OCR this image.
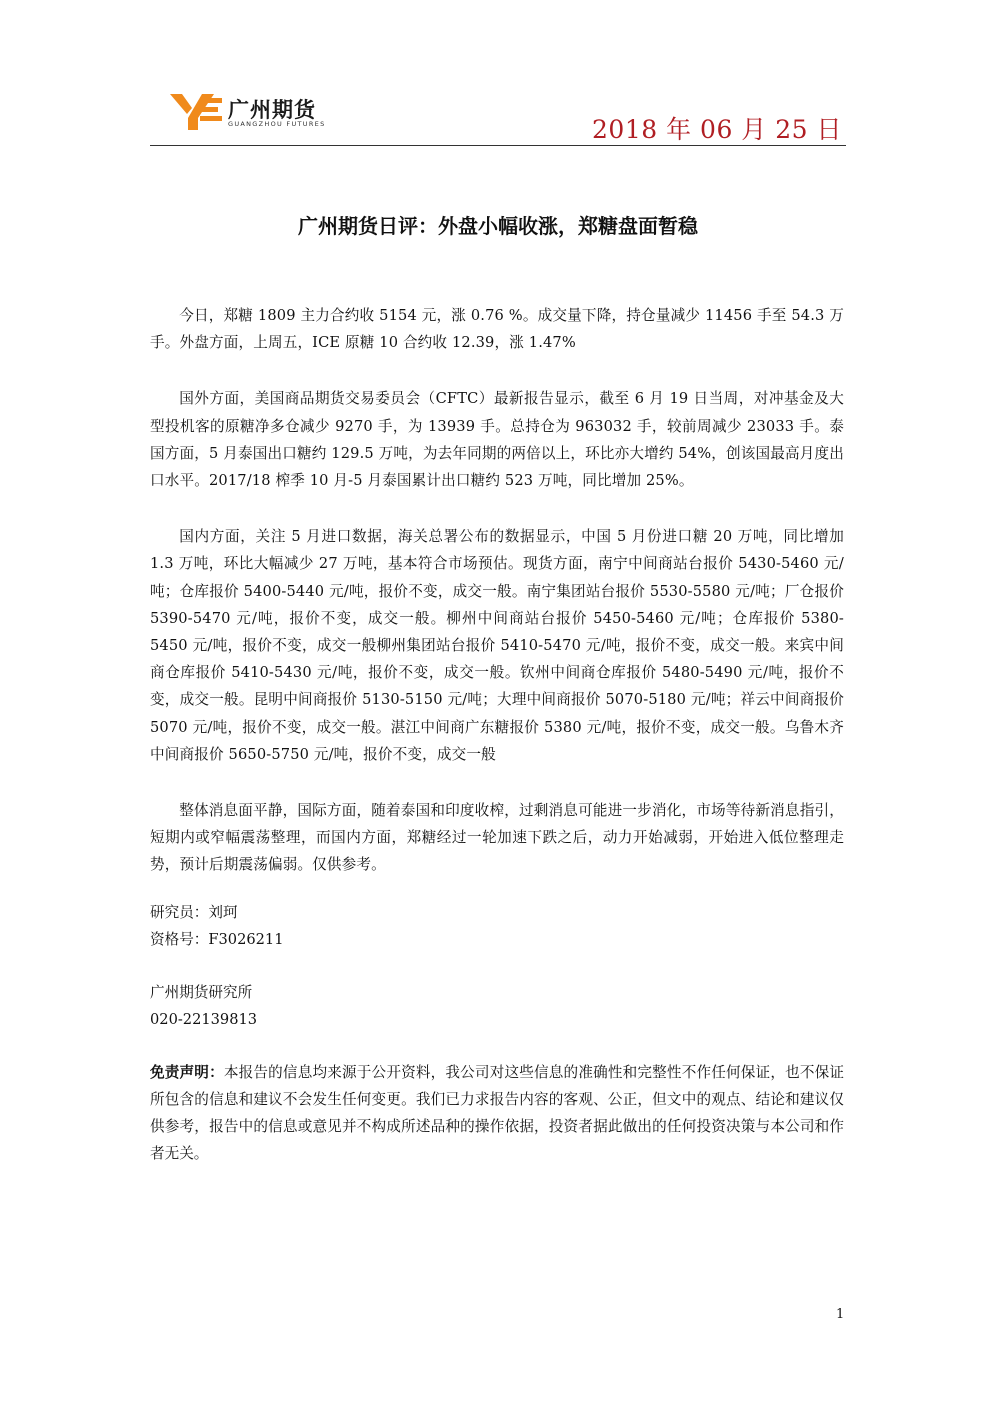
广州期货
GUANGZHOU FUTURES	2018 年 06 月 25 日
广州期货日评：外盘小幅收涨，郑糖盘面暂稳

今日，郑糖 1809 主力合约收 5154 元，涨 0.76 %。成交量下降，持仓量减少 11456 手至 54.3 万手。外盘方面，上周五，ICE 原糖 10 合约收 12.39，涨 1.47%

国外方面，美国商品期货交易委员会（CFTC）最新报告显示，截至 6 月 19 日当周，对冲基金及大型投机客的原糖净多仓减少 9270 手，为 13939 手。总持仓为 963032 手，较前周减少 23033 手。泰国方面，5 月泰国出口糖约 129.5 万吨，为去年同期的两倍以上，环比亦大增约 54%，创该国最高月度出口水平。2017/18 榨季 10 月-5 月泰国累计出口糖约 523 万吨，同比增加 25%。

国内方面，关注 5 月进口数据，海关总署公布的数据显示，中国 5 月份进口糖 20 万吨，同比增加 1.3 万吨，环比大幅减少 27 万吨，基本符合市场预估。现货方面，南宁中间商站台报价 5430-5460 元/吨；仓库报价 5400-5440 元/吨，报价不变，成交一般。南宁集团站台报价 5530-5580 元/吨；厂仓报价 5390-5470 元/吨，报价不变，成交一般。柳州中间商站台报价 5450-5460 元/吨；仓库报价 5380-5450 元/吨，报价不变，成交一般柳州集团站台报价 5410-5470 元/吨，报价不变，成交一般。来宾中间商仓库报价 5410-5430 元/吨，报价不变，成交一般。钦州中间商仓库报价 5480-5490 元/吨，报价不变，成交一般。昆明中间商报价 5130-5150 元/吨；大理中间商报价 5070-5180 元/吨；祥云中间商报价 5070 元/吨，报价不变，成交一般。湛江中间商广东糖报价 5380 元/吨，报价不变，成交一般。乌鲁木齐中间商报价 5650-5750 元/吨，报价不变，成交一般

整体消息面平静，国际方面，随着泰国和印度收榨，过剩消息可能进一步消化，市场等待新消息指引，短期内或窄幅震荡整理，而国内方面，郑糖经过一轮加速下跌之后，动力开始减弱，开始进入低位整理走势，预计后期震荡偏弱。仅供参考。

研究员：刘珂

资格号：F3026211

广州期货研究所

020-22139813

免责声明：本报告的信息均来源于公开资料，我公司对这些信息的准确性和完整性不作任何保证，也不保证所包含的信息和建议不会发生任何变更。我们已力求报告内容的客观、公正，但文中的观点、结论和建议仅供参考，报告中的信息或意见并不构成所述品种的操作依据，投资者据此做出的任何投资决策与本公司和作者无关。

1
